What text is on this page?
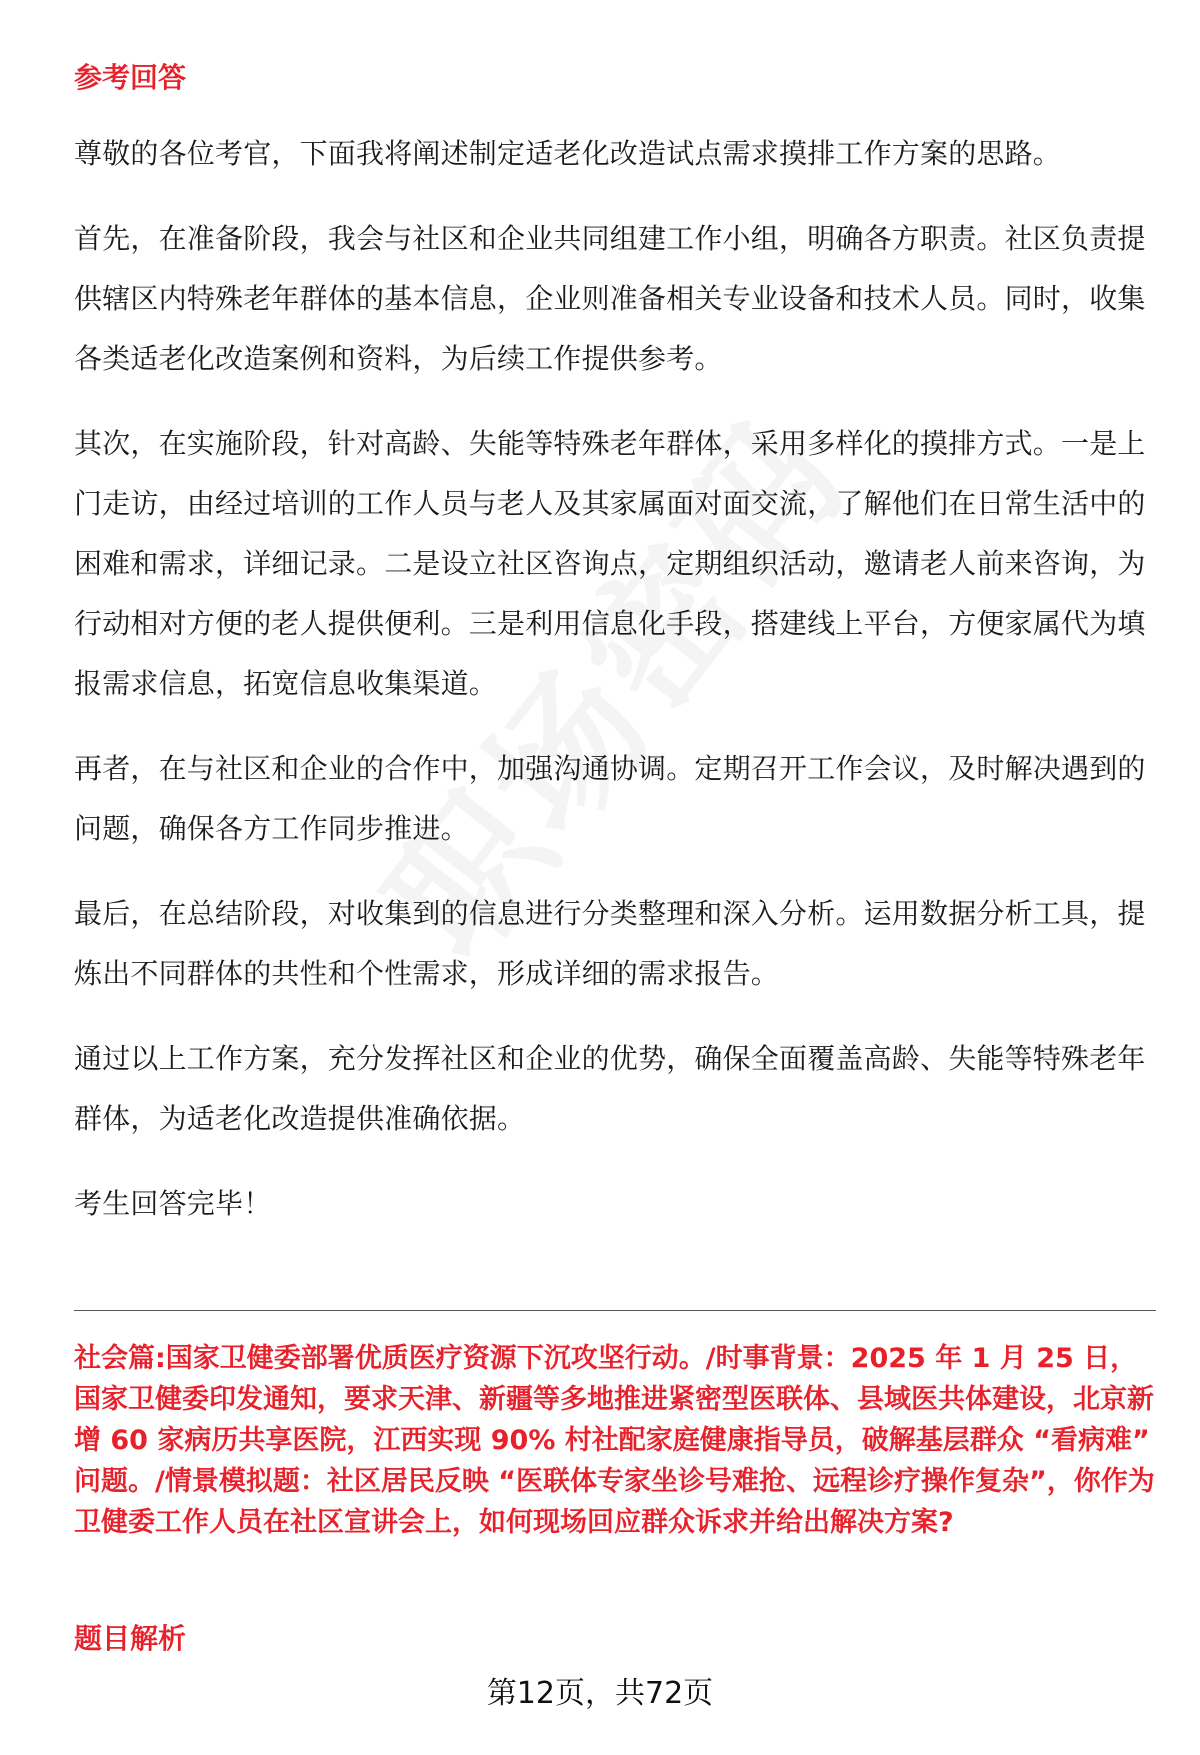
参考回答

尊敬的各位考官，下面我将阐述制定适老化改造试点需求摸排工作方案的思路。

首先，在准备阶段，我会与社区和企业共同组建工作小组，明确各方职责。社区负责提供辖区内特殊老年群体的基本信息，企业则准备相关专业设备和技术人员。同时，收集各类适老化改造案例和资料，为后续工作提供参考。

其次，在实施阶段，针对高龄、失能等特殊老年群体，采用多样化的摸排方式。一是上门走访，由经过培训的工作人员与老人及其家属面对面交流，了解他们在日常生活中的困难和需求，详细记录。二是设立社区咨询点，定期组织活动，邀请老人前来咨询，为行动相对方便的老人提供便利。三是利用信息化手段，搭建线上平台，方便家属代为填报需求信息，拓宽信息收集渠道。

再者，在与社区和企业的合作中，加强沟通协调。定期召开工作会议，及时解决遇到的问题，确保各方工作同步推进。

最后，在总结阶段，对收集到的信息进行分类整理和深入分析。运用数据分析工具，提炼出不同群体的共性和个性需求，形成详细的需求报告。

通过以上工作方案，充分发挥社区和企业的优势，确保全面覆盖高龄、失能等特殊老年群体，为适老化改造提供准确依据。

考生回答完毕！

社会篇:国家卫健委部署优质医疗资源下沉攻坚行动。/时事背景：2025 年 1 月 25 日，国家卫健委印发通知，要求天津、新疆等多地推进紧密型医联体、县域医共体建设，北京新增 60 家病历共享医院，江西实现 90% 村社配家庭健康指导员，破解基层群众 “看病难” 问题。/情景模拟题：社区居民反映 “医联体专家坐诊号难抢、远程诊疗操作复杂”，你作为卫健委工作人员在社区宣讲会上，如何现场回应群众诉求并给出解决方案?
题目解析
第12页，共72页
